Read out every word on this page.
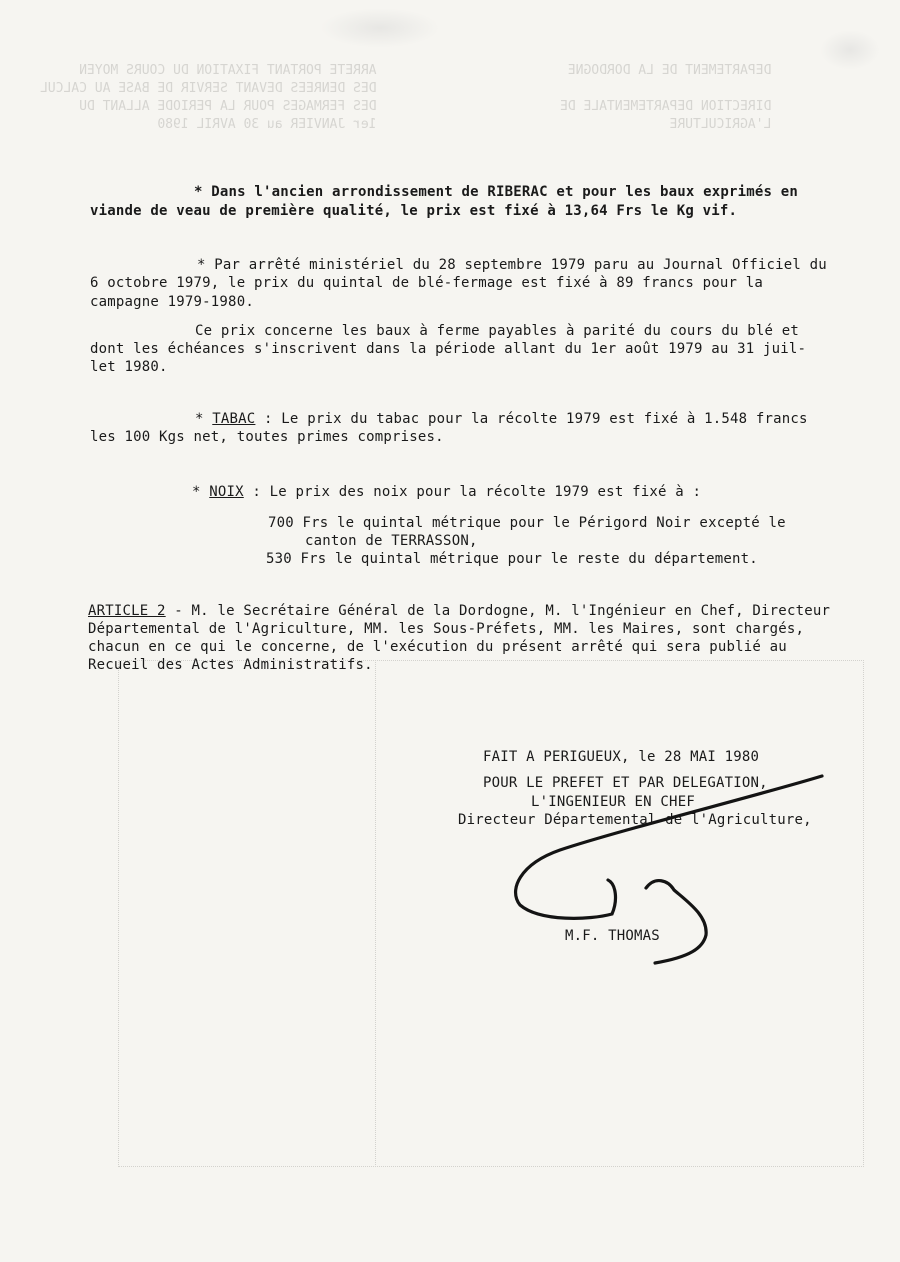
ARRETE PORTANT FIXATION DU COURS MOYEN
DES DENREES DEVANT SERVIR DE BASE AU CALCUL
DES FERMAGES POUR LA PERIODE ALLANT DU
1er JANVIER au 30 AVRIL 1980
DEPARTEMENT DE LA DORDOGNE

DIRECTION DEPARTEMENTALE DE
L'AGRICULTURE
* Dans l'ancien arrondissement de RIBERAC et pour les baux exprimés en
viande de veau de première qualité, le prix est fixé à 13,64 Frs le Kg vif.
* Par arrêté ministériel du 28 septembre 1979 paru au Journal Officiel du
6 octobre 1979, le prix du quintal de blé-fermage est fixé à 89 francs pour la
campagne 1979-1980.
Ce prix concerne les baux à ferme payables à parité du cours du blé et
dont les échéances s'inscrivent dans la période allant du 1er août 1979 au 31 juil-
let 1980.
* TABAC : Le prix du tabac pour la récolte 1979 est fixé à 1.548 francs
les 100 Kgs net, toutes primes comprises.
* NOIX : Le prix des noix pour la récolte 1979 est fixé à :
700 Frs le quintal métrique pour le Périgord Noir excepté le
canton de TERRASSON,
530 Frs le quintal métrique pour le reste du département.
ARTICLE 2 - M. le Secrétaire Général de la Dordogne, M. l'Ingénieur en Chef, Directeur
Départemental de l'Agriculture, MM. les Sous-Préfets, MM. les Maires, sont chargés,
chacun en ce qui le concerne, de l'exécution du présent arrêté qui sera publié au
Recueil des Actes Administratifs.
FAIT A PERIGUEUX, le 28 MAI 1980
POUR LE PREFET ET PAR DELEGATION,
L'INGENIEUR EN CHEF
Directeur Départemental de l'Agriculture,
M.F. THOMAS
